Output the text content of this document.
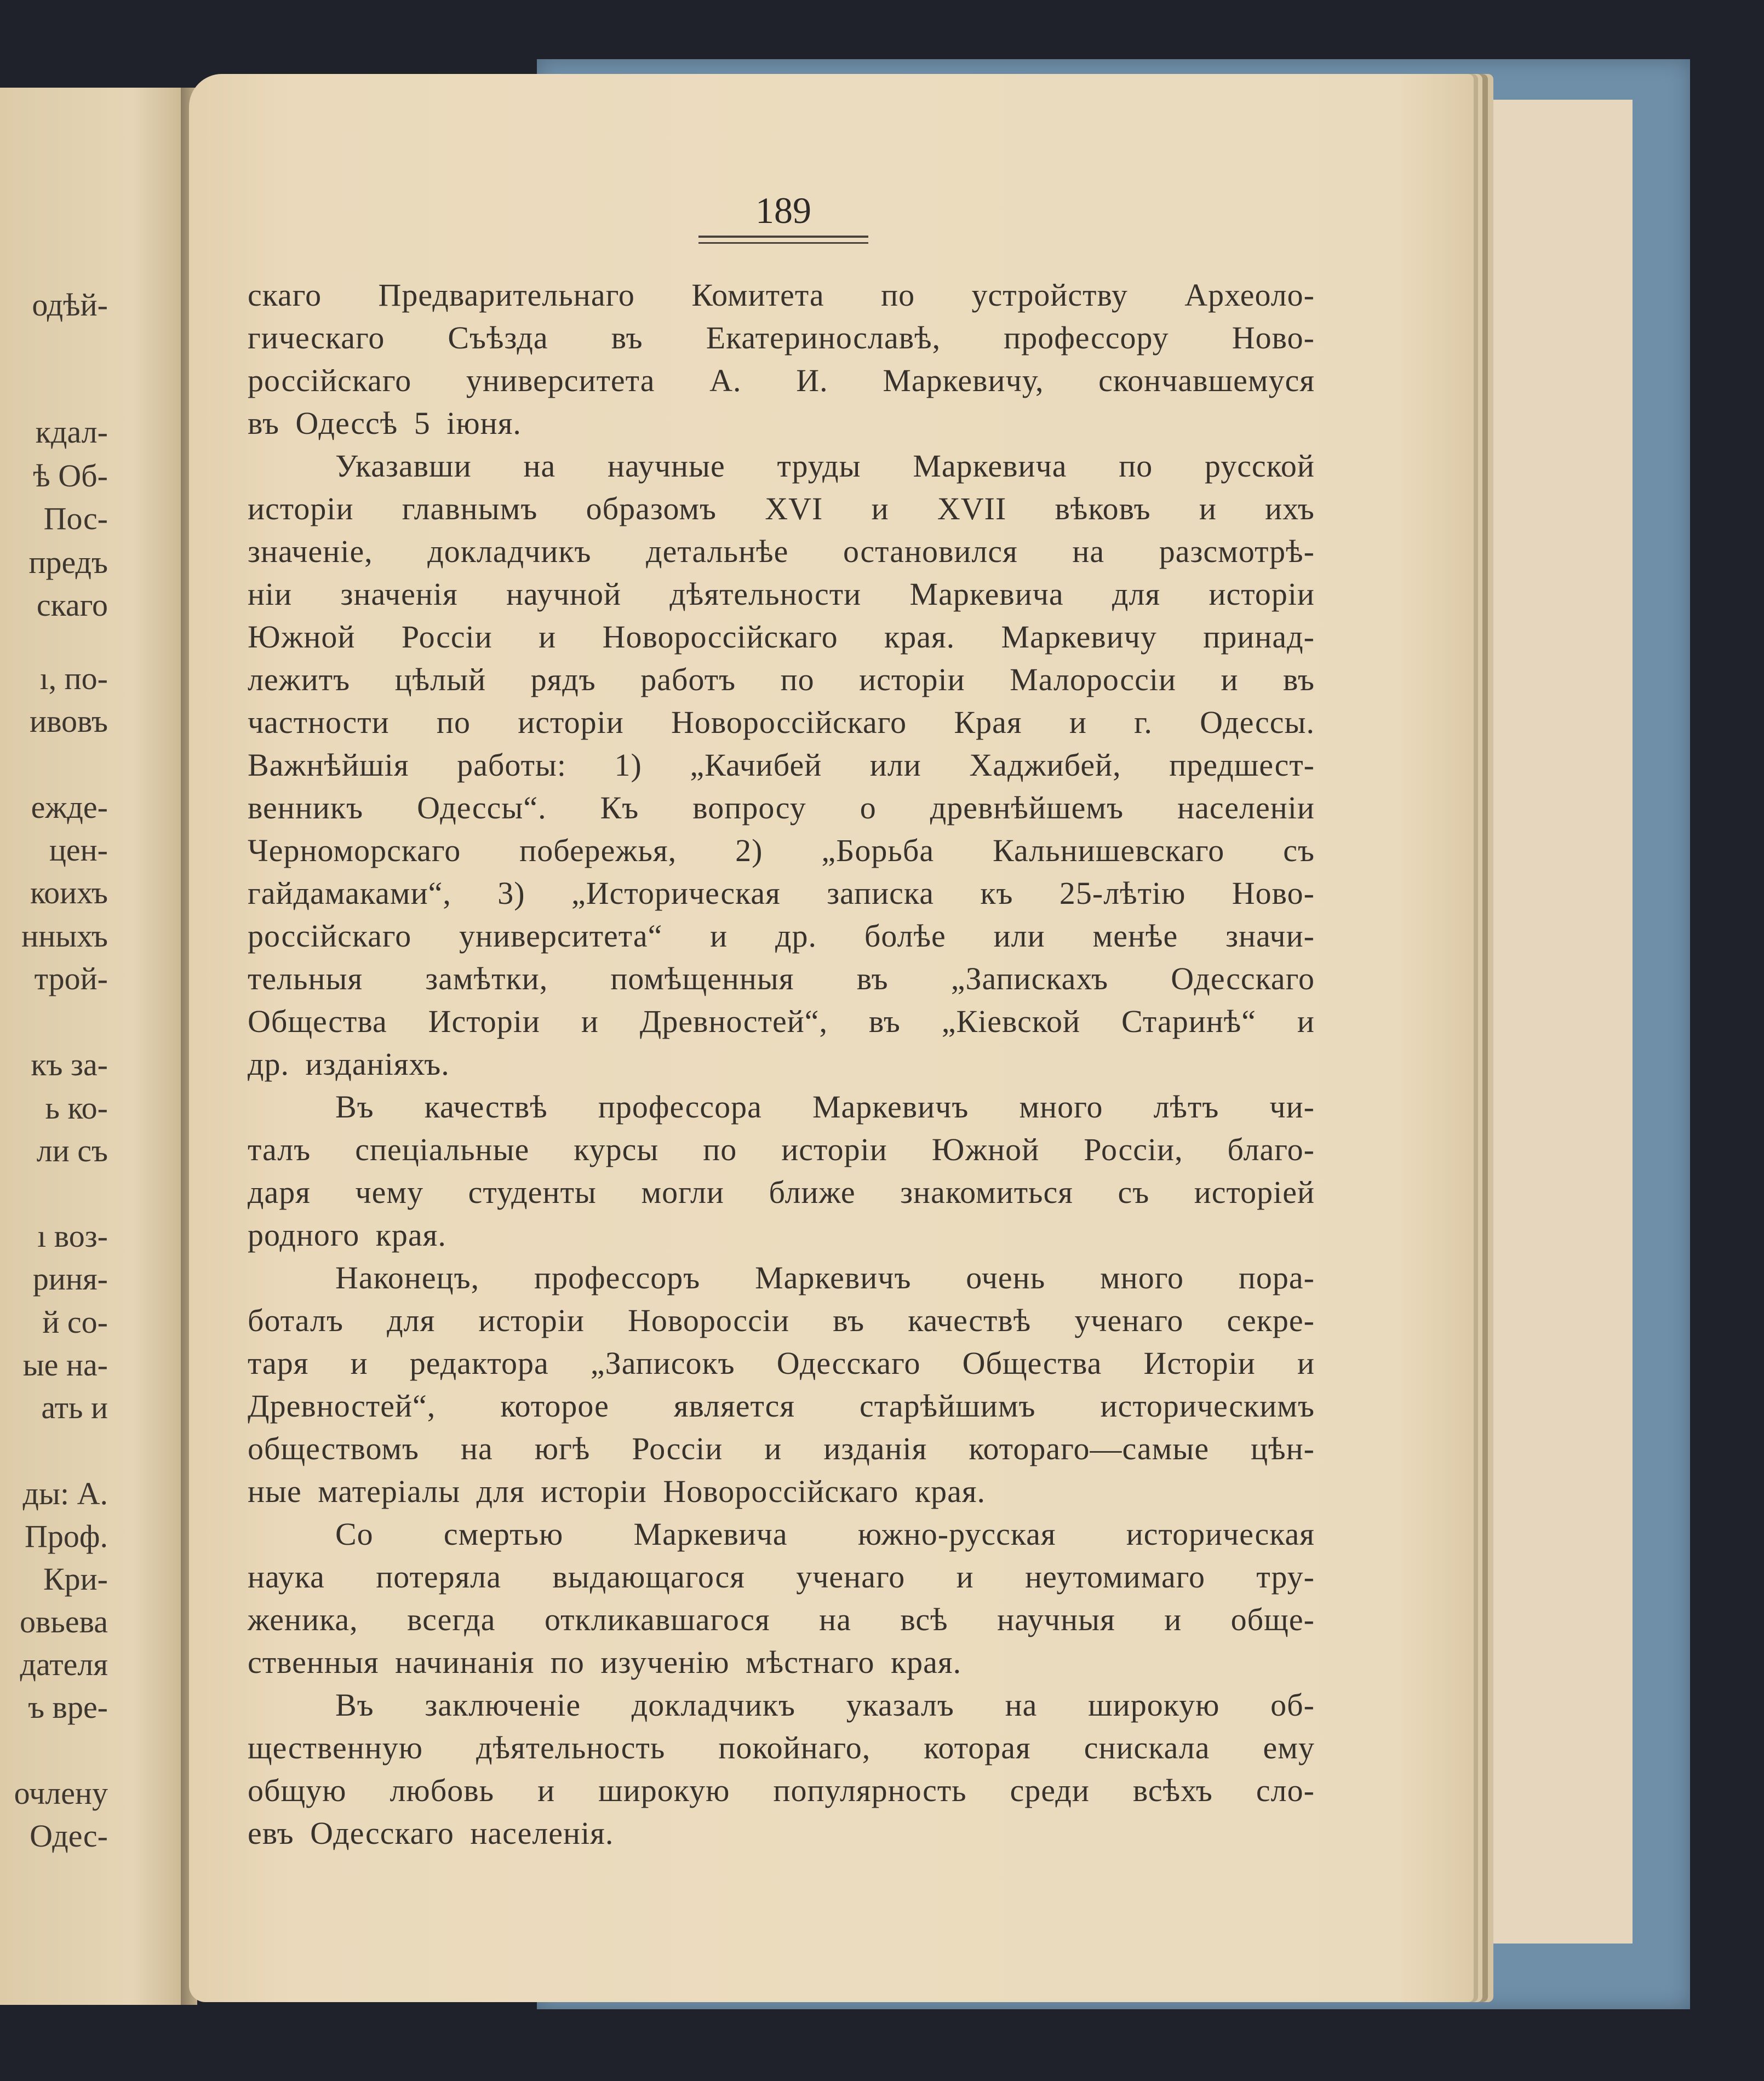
одѣй-
кдал-
ѣ Об-
Пос-
предъ
скаго
ı, по-
ивовъ
ежде-
цен-
коихъ
нныхъ
трой-
къ за-
ь ко-
ли съ
ı воз-
риня-
й со-
ые на-
ать и
ды: А.
Проф.
Кри-
овьева
дателя
ъ вре-
очлену
Одес-
189
скаго Предварительнаго Комитета по устройству Археоло-
гическаго Съѣзда въ Екатеринославѣ, профессору Ново-
россійскаго университета А. И. Маркевичу, скончавшемуся
въ Одессѣ 5 іюня.
Указавши на научные труды Маркевича по русской
исторіи главнымъ образомъ XVI и XVII вѣковъ и ихъ
значеніе, докладчикъ детальнѣе остановился на разсмотрѣ-
ніи значенія научной дѣятельности Маркевича для исторіи
Южной Россіи и Новороссійскаго края. Маркевичу принад-
лежитъ цѣлый рядъ работъ по исторіи Малороссіи и въ
частности по исторіи Новороссійскаго Края и г. Одессы.
Важнѣйшія работы: 1) „Качибей или Хаджибей, предшест-
венникъ Одессы“. Къ вопросу о древнѣйшемъ населеніи
Черноморскаго побережья, 2) „Борьба Кальнишевскаго съ
гайдамаками“, 3) „Историческая записка къ 25-лѣтію Ново-
россійскаго университета“ и др. болѣе или менѣе значи-
тельныя замѣтки, помѣщенныя въ „Запискахъ Одесскаго
Общества Исторіи и Древностей“, въ „Кіевской Старинѣ“ и
др. изданіяхъ.
Въ качествѣ профессора Маркевичъ много лѣтъ чи-
талъ спеціальные курсы по исторіи Южной Россіи, благо-
даря чему студенты могли ближе знакомиться съ исторіей
родного края.
Наконецъ, профессоръ Маркевичъ очень много пора-
боталъ для исторіи Новороссіи въ качествѣ ученаго секре-
таря и редактора „Записокъ Одесскаго Общества Исторіи и
Древностей“, которое является старѣйшимъ историческимъ
обществомъ на югѣ Россіи и изданія котораго—самые цѣн-
ные матеріалы для исторіи Новороссійскаго края.
Со смертью Маркевича южно-русская историческая
наука потеряла выдающагося ученаго и неутомимаго тру-
женика, всегда откликавшагося на всѣ научныя и обще-
ственныя начинанія по изученію мѣстнаго края.
Въ заключеніе докладчикъ указалъ на широкую об-
щественную дѣятельность покойнаго, которая снискала ему
общую любовь и широкую популярность среди всѣхъ сло-
евъ Одесскаго населенія.
